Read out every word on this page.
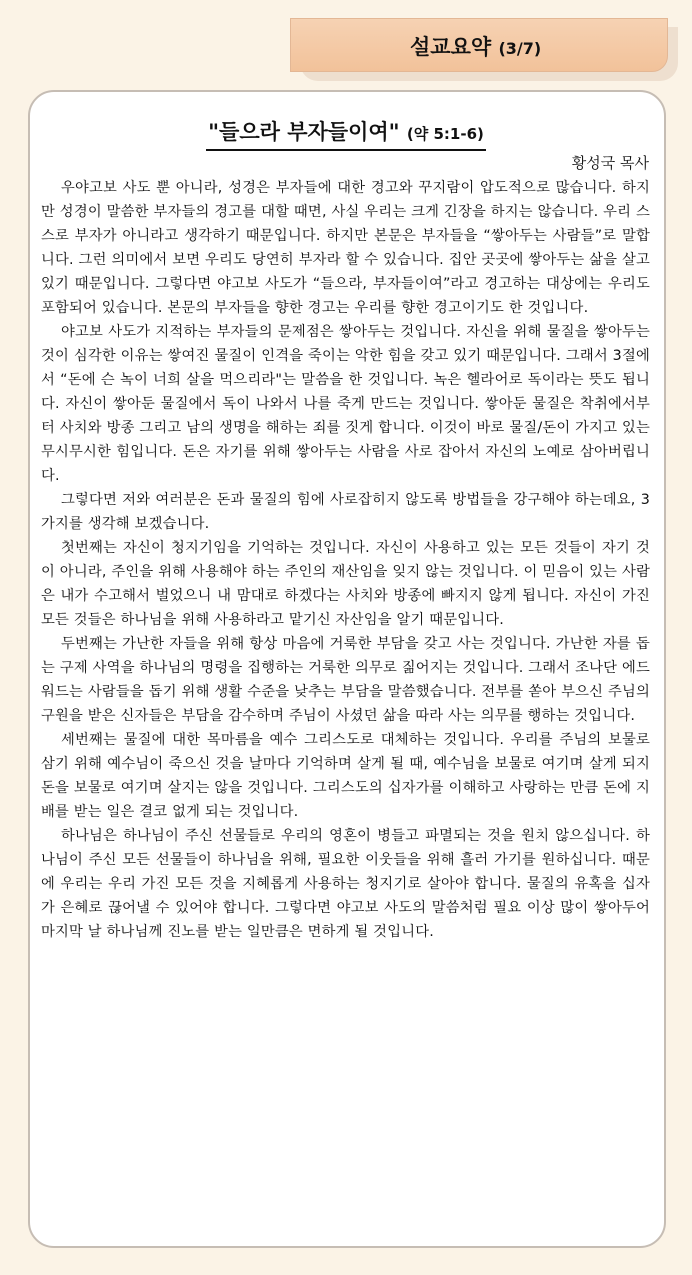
설교요약 (3/7)
"들으라 부자들이여" (약 5:1-6)
황성국 목사

우야고보 사도 뿐 아니라, 성경은 부자들에 대한 경고와 꾸지람이 압도적으로 많습니다. 하지만 성경이 말씀한 부자들의 경고를 대할 때면, 사실 우리는 크게 긴장을 하지는 않습니다. 우리 스스로 부자가 아니라고 생각하기 때문입니다. 하지만 본문은 부자들을 “쌓아두는 사람들”로 말합니다. 그런 의미에서 보면 우리도 당연히 부자라 할 수 있습니다. 집안 곳곳에 쌓아두는 삶을 살고 있기 때문입니다. 그렇다면 야고보 사도가 “들으라, 부자들이여”라고 경고하는 대상에는 우리도 포함되어 있습니다. 본문의 부자들을 향한 경고는 우리를 향한 경고이기도 한 것입니다.

야고보 사도가 지적하는 부자들의 문제점은 쌓아두는 것입니다. 자신을 위해 물질을 쌓아두는 것이 심각한 이유는 쌓여진 물질이 인격을 죽이는 악한 힘을 갖고 있기 때문입니다. 그래서 3절에서 “돈에 슨 녹이 너희 살을 먹으리라"는 말씀을 한 것입니다. 녹은 헬라어로 독이라는 뜻도 됩니다. 자신이 쌓아둔 물질에서 독이 나와서 나를 죽게 만드는 것입니다. 쌓아둔 물질은 착취에서부터 사치와 방종 그리고 남의 생명을 해하는 죄를 짓게 합니다. 이것이 바로 물질/돈이 가지고 있는 무시무시한 힘입니다. 돈은 자기를 위해 쌓아두는 사람을 사로 잡아서 자신의 노예로 삼아버립니다.

그렇다면 저와 여러분은 돈과 물질의 힘에 사로잡히지 않도록 방법들을 강구해야 하는데요, 3가지를 생각해 보겠습니다.

첫번째는 자신이 청지기임을 기억하는 것입니다. 자신이 사용하고 있는 모든 것들이 자기 것이 아니라, 주인을 위해 사용해야 하는 주인의 재산임을 잊지 않는 것입니다. 이 믿음이 있는 사람은 내가 수고해서 벌었으니 내 맘대로 하겠다는 사치와 방종에 빠지지 않게 됩니다. 자신이 가진 모든 것들은 하나님을 위해 사용하라고 맡기신 자산임을 알기 때문입니다.

두번째는 가난한 자들을 위해 항상 마음에 거룩한 부담을 갖고 사는 것입니다. 가난한 자를 돕는 구제 사역을 하나님의 명령을 집행하는 거룩한 의무로 짊어지는 것입니다. 그래서 조나단 에드워드는 사람들을 돕기 위해 생활 수준을 낮추는 부담을 말씀했습니다. 전부를 쏟아 부으신 주님의 구원을 받은 신자들은 부담을 감수하며 주님이 사셨던 삶을 따라 사는 의무를 행하는 것입니다.

세번째는 물질에 대한 목마름을 예수 그리스도로 대체하는 것입니다. 우리를 주님의 보물로 삼기 위해 예수님이 죽으신 것을 날마다 기억하며 살게 될 때, 예수님을 보물로 여기며 살게 되지 돈을 보물로 여기며 살지는 않을 것입니다. 그리스도의 십자가를 이해하고 사랑하는 만큼 돈에 지배를 받는 일은 결코 없게 되는 것입니다.

하나님은 하나님이 주신 선물들로 우리의 영혼이 병들고 파멸되는 것을 원치 않으십니다. 하나님이 주신 모든 선물들이 하나님을 위해, 필요한 이웃들을 위해 흘러 가기를 원하십니다. 때문에 우리는 우리 가진 모든 것을 지혜롭게 사용하는 청지기로 살아야 합니다. 물질의 유혹을 십자가 은혜로 끊어낼 수 있어야 합니다. 그렇다면 야고보 사도의 말씀처럼 필요 이상 많이 쌓아두어 마지막 날 하나님께 진노를 받는 일만큼은 면하게 될 것입니다.
